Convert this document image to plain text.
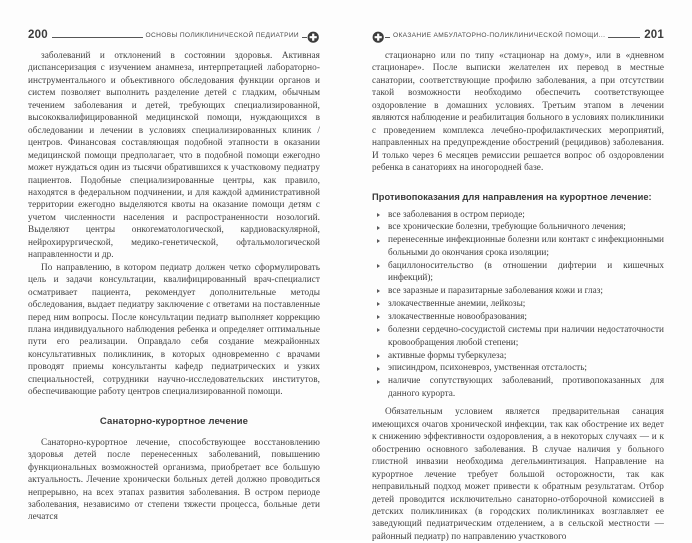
200	ОСНОВЫ ПОЛИКЛИНИЧЕСКОЙ ПЕДИАТРИИ

заболеваний и отклонений в состоянии здоровья. Активная диспансеризация с изучением анамнеза, интерпретацией лабораторно-инструментального и объективного обследования функции органов и систем позволяет выполнить разделение детей с гладким, обычным течением заболевания и детей, требующих специализированной, высококвалифицированной медицинской помощи, нуждающихся в обследовании и лечении в условиях специализированных клиник / центров. Финансовая составляющая подобной этапности в оказании медицинской помощи предполагает, что в подобной помощи ежегодно может нуждаться один из тысячи обратившихся к участковому педиатру пациентов. Подобные специализированные центры, как правило, находятся в федеральном подчинении, и для каждой административной территории ежегодно выделяются квоты на оказание помощи детям с учетом численности населения и распространенности нозологий. Выделяют центры онкогематологической, кардиоваскулярной, нейрохирургической, медико-генетической, офтальмологической направленности и др.

По направлению, в котором педиатр должен четко сформулировать цель и задачи консультации, квалифицированный врач-специалист осматривает пациента, рекомендует дополнительные методы обследования, выдает педиатру заключение с ответами на поставленные перед ним вопросы. После консультации педиатр выполняет коррекцию плана индивидуального наблюдения ребенка и определяет оптимальные пути его реализации. Оправдало себя создание межрайонных консультативных поликлиник, в которых одновременно с врачами проводят приемы консультанты кафедр педиатрических и узких специальностей, сотрудники научно-исследовательских институтов, обеспечивающие работу центров специализированной помощи.

Санаторно-курортное лечение

Санаторно-курортное лечение, способствующее восстановлению здоровья детей после перенесенных заболеваний, повышению функциональных возможностей организма, приобретает все большую актуальность. Лечение хронически больных детей должно проводиться непрерывно, на всех этапах развития заболевания. В остром периоде заболевания, независимо от степени тяжести процесса, больные дети лечатся

ОКАЗАНИЕ АМБУЛАТОРНО-ПОЛИКЛИНИЧЕСКОЙ ПОМОЩИ...	201

стационарно или по типу «стационар на дому», или в «дневном стационаре». После выписки желателен их перевод в местные санатории, соответствующие профилю заболевания, а при отсутствии такой возможности необходимо обеспечить соответствующее оздоровление в домашних условиях. Третьим этапом в лечении являются наблюдение и реабилитация больного в условиях поликлиники с проведением комплекса лечебно-профилактических мероприятий, направленных на предупреждение обострений (рецидивов) заболевания. И только через 6 месяцев ремиссии решается вопрос об оздоровлении ребенка в санаториях на иногородней базе.

Противопоказания для направления на курортное лечение:
все заболевания в остром периоде;
все хронические болезни, требующие больничного лечения;
перенесенные инфекционные болезни или контакт с инфекционными больными до окончания срока изоляции;
бациллоносительство (в отношении дифтерии и кишечных инфекций);
все заразные и паразитарные заболевания кожи и глаз;
злокачественные анемии, лейкозы;
злокачественные новообразования;
болезни сердечно-сосудистой системы при наличии недостаточности кровообращения любой степени;
активные формы туберкулеза;
эписиндром, психоневроз, умственная отсталость;
наличие сопутствующих заболеваний, противопоказанных для данного курорта.

Обязательным условием является предварительная санация имеющихся очагов хронической инфекции, так как обострение их ведет к снижению эффективности оздоровления, а в некоторых случаях — и к обострению основного заболевания. В случае наличия у больного глистной инвазии необходима дегельминтизация. Направление на курортное лечение требует большой осторожности, так как неправильный подход может привести к обратным результатам. Отбор детей проводится исключительно санаторно-отборочной комиссией в детских поликлиниках (в городских поликлиниках возглавляет ее заведующий педиатрическим отделением, а в сельской местности — районный педиатр) по направлению участкового
